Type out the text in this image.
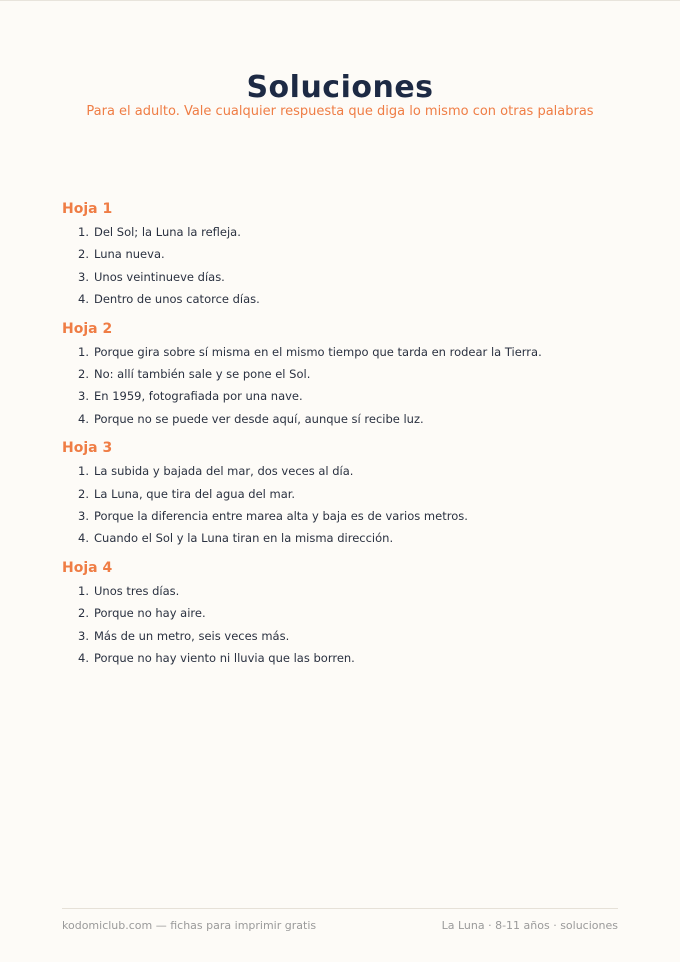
Soluciones
Para el adulto. Vale cualquier respuesta que diga lo mismo con otras palabras
Hoja 1
1. Del Sol; la Luna la refleja.
2. Luna nueva.
3. Unos veintinueve días.
4. Dentro de unos catorce días.
Hoja 2
1. Porque gira sobre sí misma en el mismo tiempo que tarda en rodear la Tierra.
2. No: allí también sale y se pone el Sol.
3. En 1959, fotografiada por una nave.
4. Porque no se puede ver desde aquí, aunque sí recibe luz.
Hoja 3
1. La subida y bajada del mar, dos veces al día.
2. La Luna, que tira del agua del mar.
3. Porque la diferencia entre marea alta y baja es de varios metros.
4. Cuando el Sol y la Luna tiran en la misma dirección.
Hoja 4
1. Unos tres días.
2. Porque no hay aire.
3. Más de un metro, seis veces más.
4. Porque no hay viento ni lluvia que las borren.
kodomiclub.com — fichas para imprimir gratis	La Luna · 8-11 años · soluciones
